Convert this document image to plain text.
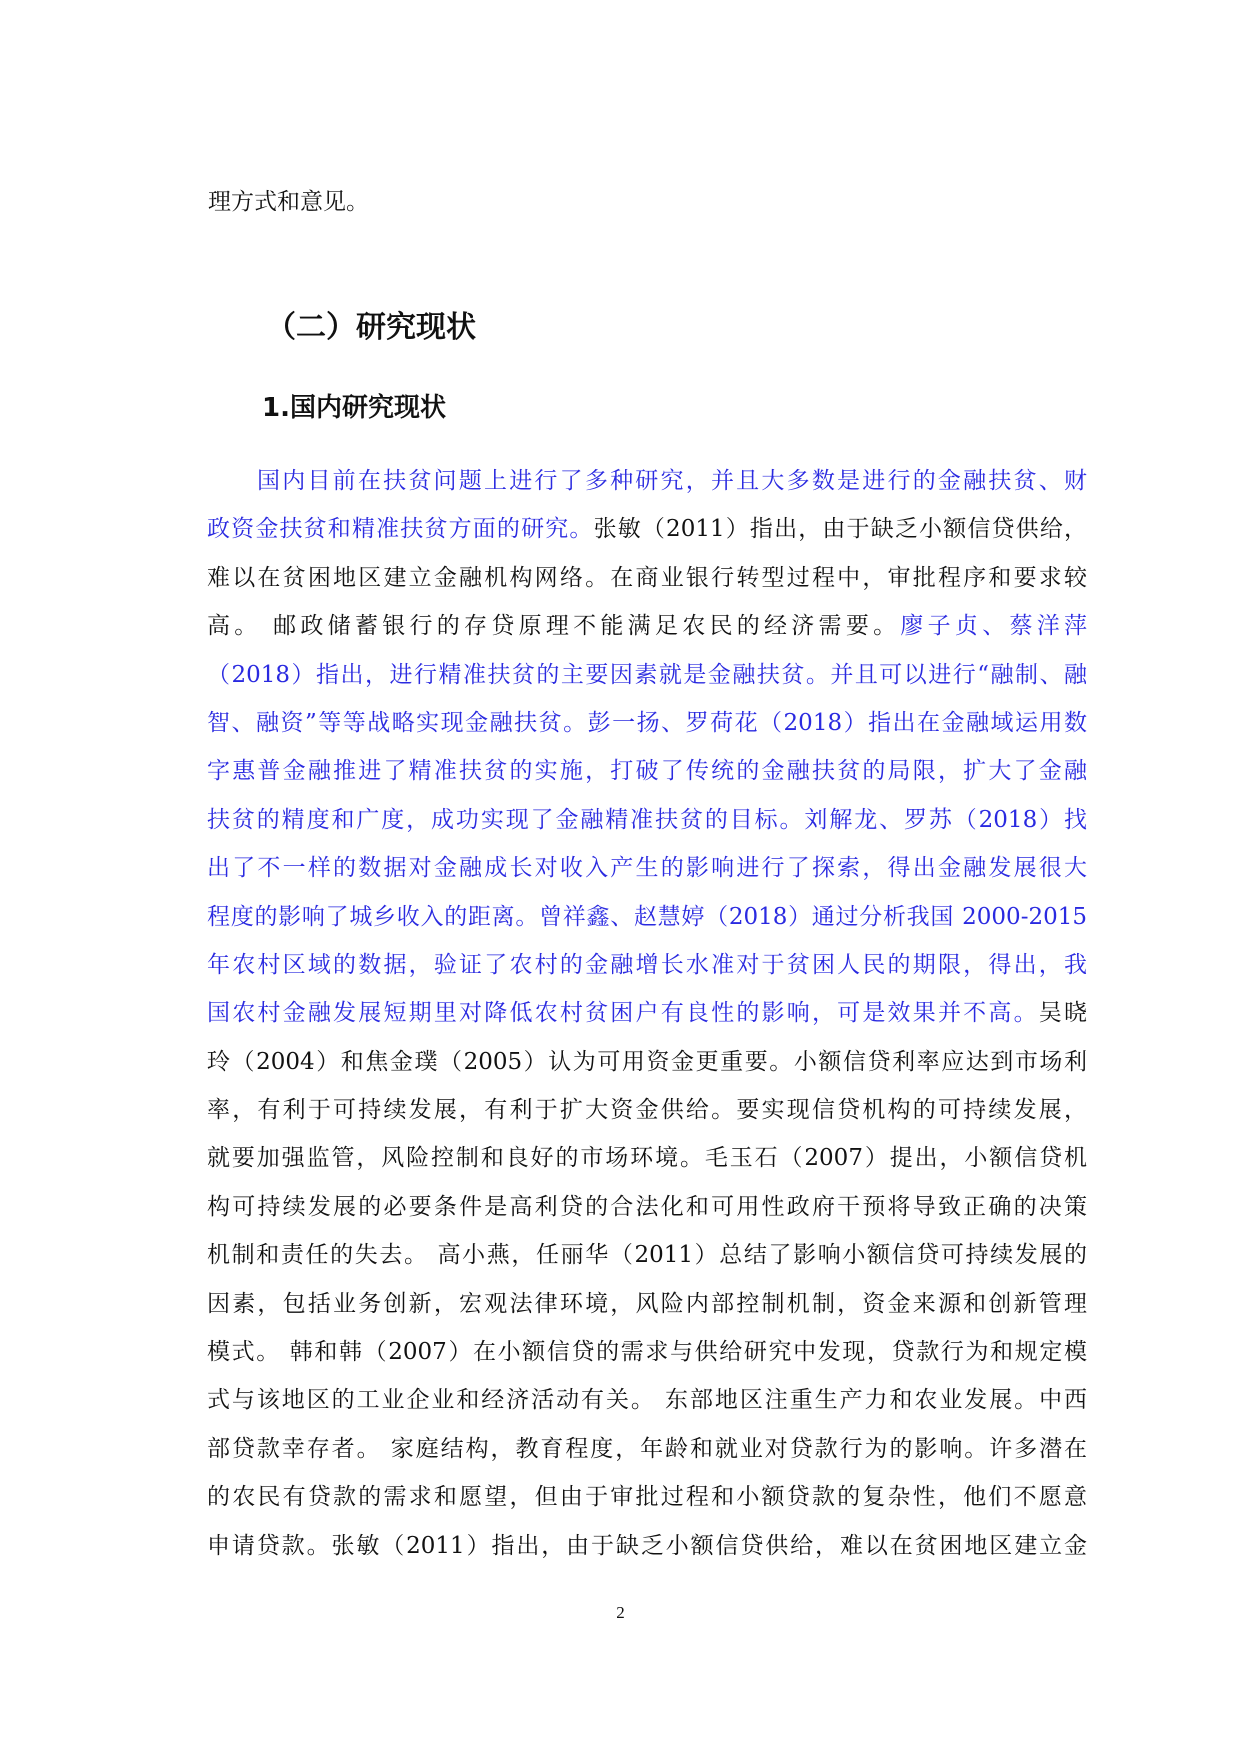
理方式和意见。
（二）研究现状
1.国内研究现状
国内目前在扶贫问题上进行了多种研究，并且大多数是进行的金融扶贫、财
政资金扶贫和精准扶贫方面的研究。张敏（2011）指出，由于缺乏小额信贷供给，
难以在贫困地区建立金融机构网络。在商业银行转型过程中，审批程序和要求较
高。 邮政储蓄银行的存贷原理不能满足农民的经济需要。廖子贞、蔡洋萍
（2018）指出，进行精准扶贫的主要因素就是金融扶贫。并且可以进行“融制、融
智、融资”等等战略实现金融扶贫。彭一扬、罗荷花（2018）指出在金融域运用数
字惠普金融推进了精准扶贫的实施，打破了传统的金融扶贫的局限，扩大了金融
扶贫的精度和广度，成功实现了金融精准扶贫的目标。刘解龙、罗苏（2018）找
出了不一样的数据对金融成长对收入产生的影响进行了探索，得出金融发展很大
程度的影响了城乡收入的距离。曾祥鑫、赵慧婷（2018）通过分析我国 2000-2015
年农村区域的数据，验证了农村的金融增长水准对于贫困人民的期限，得出，我
国农村金融发展短期里对降低农村贫困户有良性的影响，可是效果并不高。吴晓
玲（2004）和焦金璞（2005）认为可用资金更重要。小额信贷利率应达到市场利
率，有利于可持续发展，有利于扩大资金供给。要实现信贷机构的可持续发展，
就要加强监管，风险控制和良好的市场环境。毛玉石（2007）提出，小额信贷机
构可持续发展的必要条件是高利贷的合法化和可用性政府干预将导致正确的决策
机制和责任的失去。 高小燕，任丽华（2011）总结了影响小额信贷可持续发展的
因素，包括业务创新，宏观法律环境，风险内部控制机制，资金来源和创新管理
模式。 韩和韩（2007）在小额信贷的需求与供给研究中发现，贷款行为和规定模
式与该地区的工业企业和经济活动有关。 东部地区注重生产力和农业发展。中西
部贷款幸存者。 家庭结构，教育程度，年龄和就业对贷款行为的影响。许多潜在
的农民有贷款的需求和愿望，但由于审批过程和小额贷款的复杂性，他们不愿意
申请贷款。张敏（2011）指出，由于缺乏小额信贷供给，难以在贫困地区建立金
2
